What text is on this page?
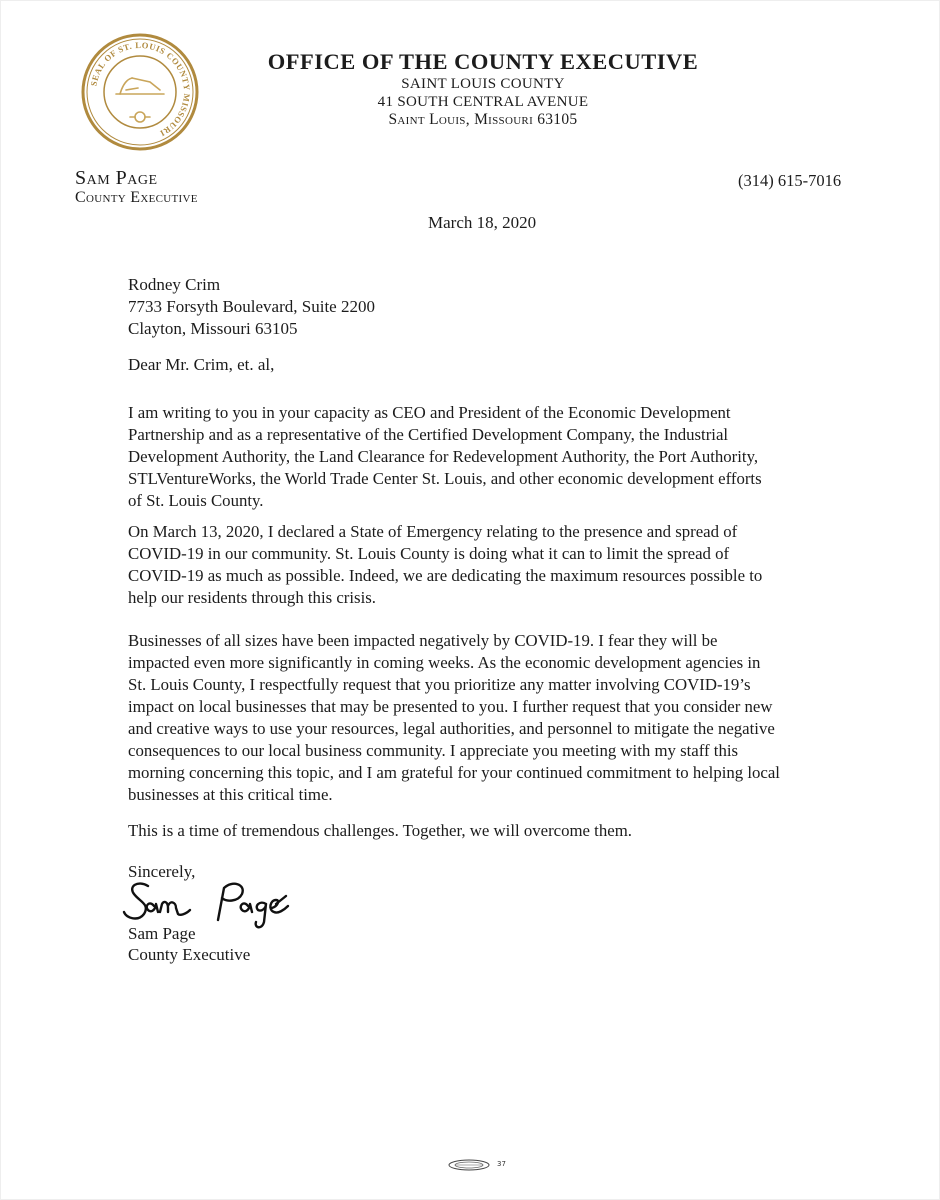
SEAL OF ST. LOUIS COUNTY MISSOURI
OFFICE OF THE COUNTY EXECUTIVE
SAINT LOUIS COUNTY
41 SOUTH CENTRAL AVENUE
Saint Louis, Missouri 63105
Sam Page
County Executive
(314) 615-7016
March 18, 2020
Rodney Crim
7733 Forsyth Boulevard, Suite 2200
Clayton, Missouri 63105
Dear Mr. Crim, et. al,
I am writing to you in your capacity as CEO and President of the Economic Development
Partnership and as a representative of the Certified Development Company, the Industrial
Development Authority, the Land Clearance for Redevelopment Authority, the Port Authority,
STLVentureWorks, the World Trade Center St. Louis, and other economic development efforts
of St. Louis County.
On March 13, 2020, I declared a State of Emergency relating to the presence and spread of
COVID-19 in our community. St. Louis County is doing what it can to limit the spread of
COVID-19 as much as possible. Indeed, we are dedicating the maximum resources possible to
help our residents through this crisis.
Businesses of all sizes have been impacted negatively by COVID-19. I fear they will be
impacted even more significantly in coming weeks. As the economic development agencies in
St. Louis County, I respectfully request that you prioritize any matter involving COVID-19’s
impact on local businesses that may be presented to you. I further request that you consider new
and creative ways to use your resources, legal authorities, and personnel to mitigate the negative
consequences to our local business community. I appreciate you meeting with my staff this
morning concerning this topic, and I am grateful for your continued commitment to helping local
businesses at this critical time.
This is a time of tremendous challenges. Together, we will overcome them.
Sincerely,
Sam Page
County Executive
37
